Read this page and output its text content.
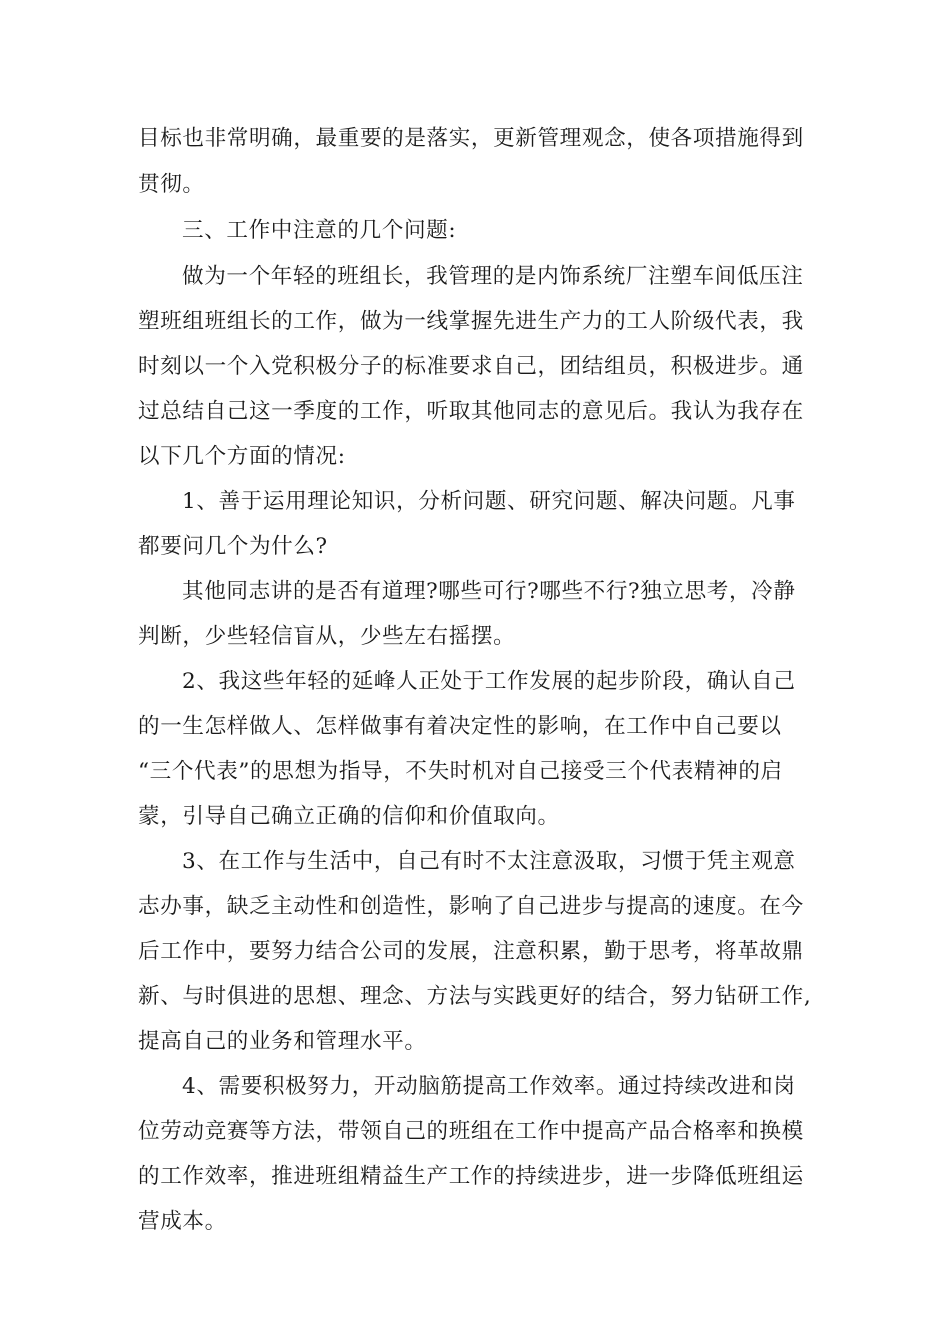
目标也非常明确，最重要的是落实，更新管理观念，使各项措施得到
贯彻。
三、工作中注意的几个问题:
做为一个年轻的班组长，我管理的是内饰系统厂注塑车间低压注
塑班组班组长的工作，做为一线掌握先进生产力的工人阶级代表，我
时刻以一个入党积极分子的标准要求自己，团结组员，积极进步。通
过总结自己这一季度的工作，听取其他同志的意见后。我认为我存在
以下几个方面的情况:
1、善于运用理论知识，分析问题、研究问题、解决问题。凡事
都要问几个为什么?
其他同志讲的是否有道理?哪些可行?哪些不行?独立思考，冷静
判断，少些轻信盲从，少些左右摇摆。
2、我这些年轻的延峰人正处于工作发展的起步阶段，确认自己
的一生怎样做人、怎样做事有着决定性的影响，在工作中自己要以
“三个代表”的思想为指导，不失时机对自己接受三个代表精神的启
蒙，引导自己确立正确的信仰和价值取向。
3、在工作与生活中，自己有时不太注意汲取，习惯于凭主观意
志办事，缺乏主动性和创造性，影响了自己进步与提高的速度。在今
后工作中，要努力结合公司的发展，注意积累，勤于思考，将革故鼎
新、与时俱进的思想、理念、方法与实践更好的结合，努力钻研工作,
提高自己的业务和管理水平。
4、需要积极努力，开动脑筋提高工作效率。通过持续改进和岗
位劳动竞赛等方法，带领自己的班组在工作中提高产品合格率和换模
的工作效率，推进班组精益生产工作的持续进步，进一步降低班组运
营成本。
